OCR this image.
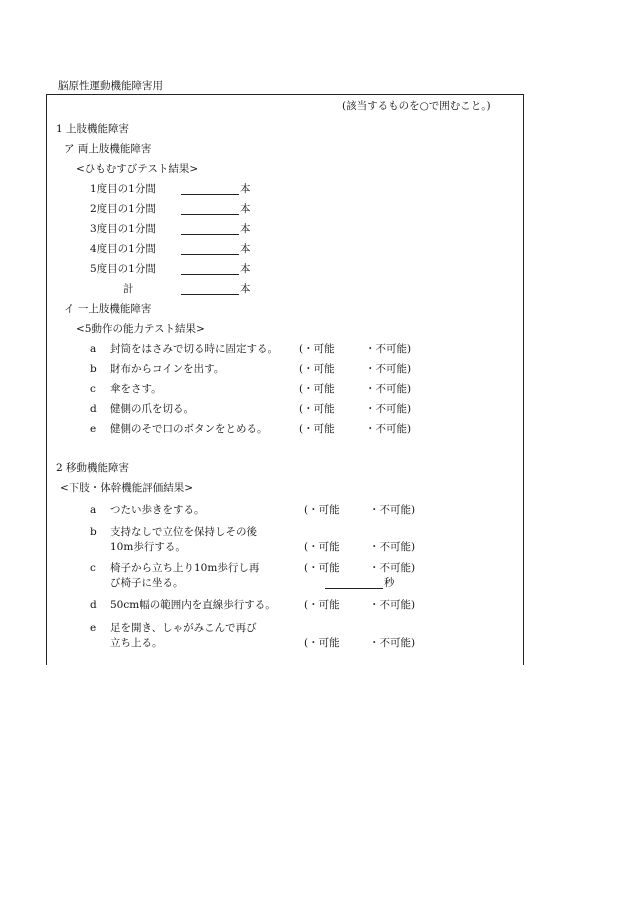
脳原性運動機能障害用
(該当するものを○で囲むこと。)
1 上肢機能障害
ア 両上肢機能障害
<ひもむすびテスト結果>
1度目の1分間	本
2度目の1分間	本
3度目の1分間	本
4度目の1分間	本
5度目の1分間	本
計	本
イ 一上肢機能障害
<5動作の能力テスト結果>
a 封筒をはさみで切る時に固定する。 (・可能	・不可能)
b 財布からコインを出す。	(・可能	・不可能)
c 傘をさす。	(・可能	・不可能)
d 健側の爪を切る。	(・可能	・不可能)
e 健側のそで口のボタンをとめる。	(・可能	・不可能)
2 移動機能障害
<下肢・体幹機能評価結果>
a つたい歩きをする。	(・可能	・不可能)
b 支持なしで立位を保持しその後
10m歩行する。	(・可能	・不可能)
c 椅子から立ち上り10m歩行し再
び椅子に坐る。
(・可能	・不可能)
秒
d 50cm幅の範囲内を直線歩行する。	(・可能	・不可能)
e 足を開き、しゃがみこんで再び
立ち上る。	(・可能	・不可能)
